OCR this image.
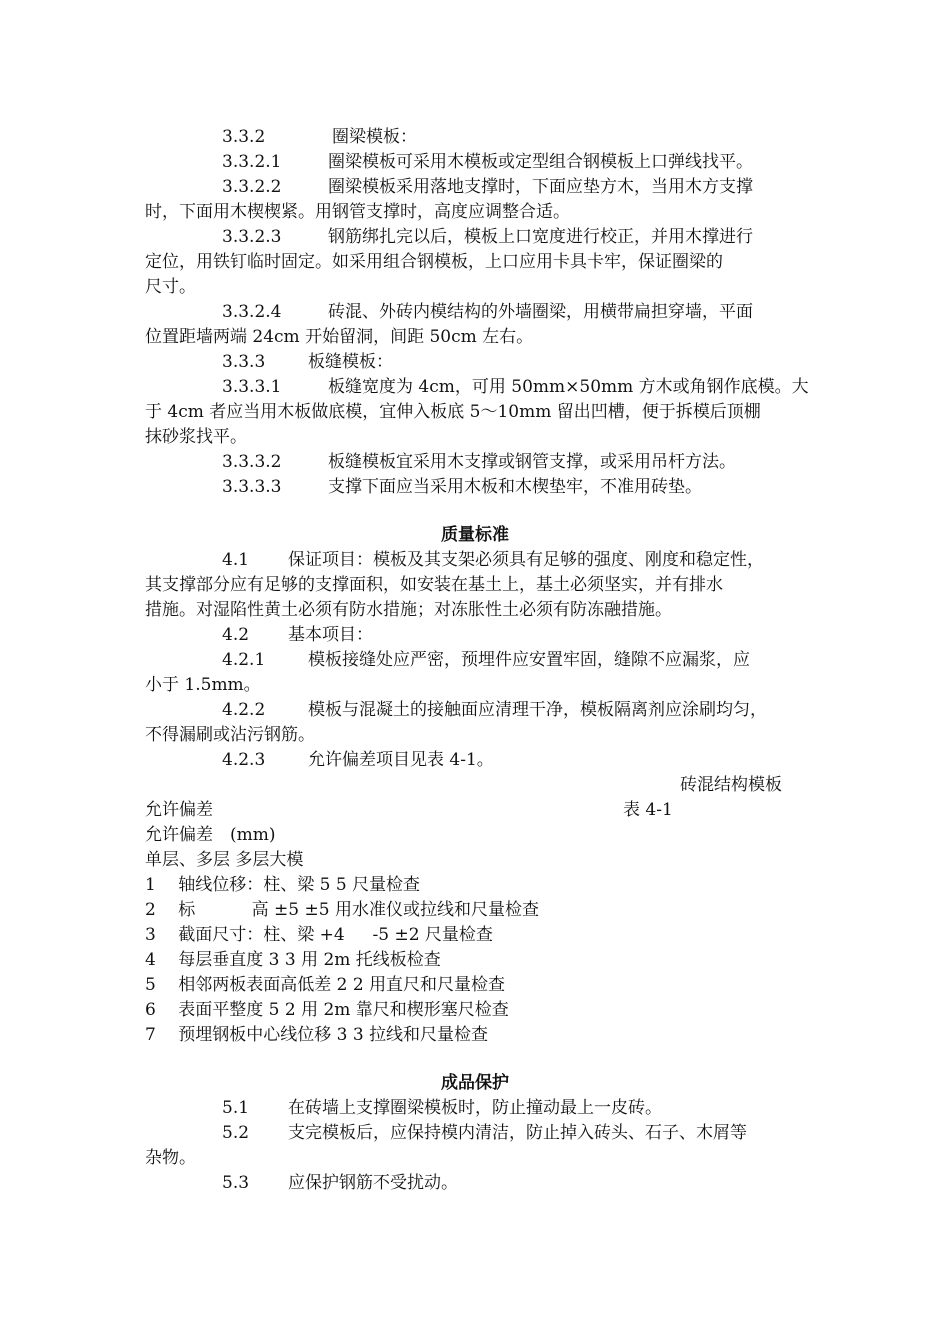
3.3.2	圈梁模板：
3.3.2.1	圈梁模板可采用木模板或定型组合钢模板上口弹线找平。
3.3.2.2	圈梁模板采用落地支撑时，下面应垫方木，当用木方支撑
时，下面用木楔楔紧。用钢管支撑时，高度应调整合适。
3.3.2.3	钢筋绑扎完以后，模板上口宽度进行校正，并用木撑进行
定位，用铁钉临时固定。如采用组合钢模板，上口应用卡具卡牢，保证圈梁的
尺寸。
3.3.2.4	砖混、外砖内模结构的外墙圈梁，用横带扁担穿墙，平面
位置距墙两端 24cm 开始留洞，间距 50cm 左右。
3.3.3	板缝模板：
3.3.3.1	板缝宽度为 4cm，可用 50mm×50mm 方木或角钢作底模。大
于 4cm 者应当用木板做底模，宜伸入板底 5～10mm 留出凹槽，便于拆模后顶棚
抹砂浆找平。
3.3.3.2	板缝模板宜采用木支撑或钢管支撑，或采用吊杆方法。
3.3.3.3	支撑下面应当采用木板和木楔垫牢，不准用砖垫。
质量标准
4.1 保证项目：模板及其支架必须具有足够的强度、刚度和稳定性，
其支撑部分应有足够的支撑面积，如安装在基土上，基土必须坚实，并有排水
措施。对湿陷性黄土必须有防水措施；对冻胀性土必须有防冻融措施。
4.2 基本项目：
4.2.1	模板接缝处应严密，预埋件应安置牢固，缝隙不应漏浆，应
小于 1.5mm。
4.2.2	模板与混凝土的接触面应清理干净，模板隔离剂应涂刷均匀，
不得漏刷或沾污钢筋。
4.2.3	允许偏差项目见表 4-1。
砖混结构模板
允许偏差	表 4-1
允许偏差　(mm)
单层、多层 多层大模
1　 轴线位移：柱、梁 5 5 尺量检查
2　 标　　　 高 ±5 ±5 用水准仪或拉线和尺量检查
3　 截面尺寸：柱、梁 +4 　 -5 ±2 尺量检查
4　 每层垂直度 3 3 用 2m 托线板检查
5　 相邻两板表面高低差 2 2 用直尺和尺量检查
6　 表面平整度 5 2 用 2m 靠尺和楔形塞尺检查
7　 预埋钢板中心线位移 3 3 拉线和尺量检查
成品保护
5.1 在砖墙上支撑圈梁模板时，防止撞动最上一皮砖。
5.2 支完模板后，应保持模内清洁，防止掉入砖头、石子、木屑等
杂物。
5.3 应保护钢筋不受扰动。
